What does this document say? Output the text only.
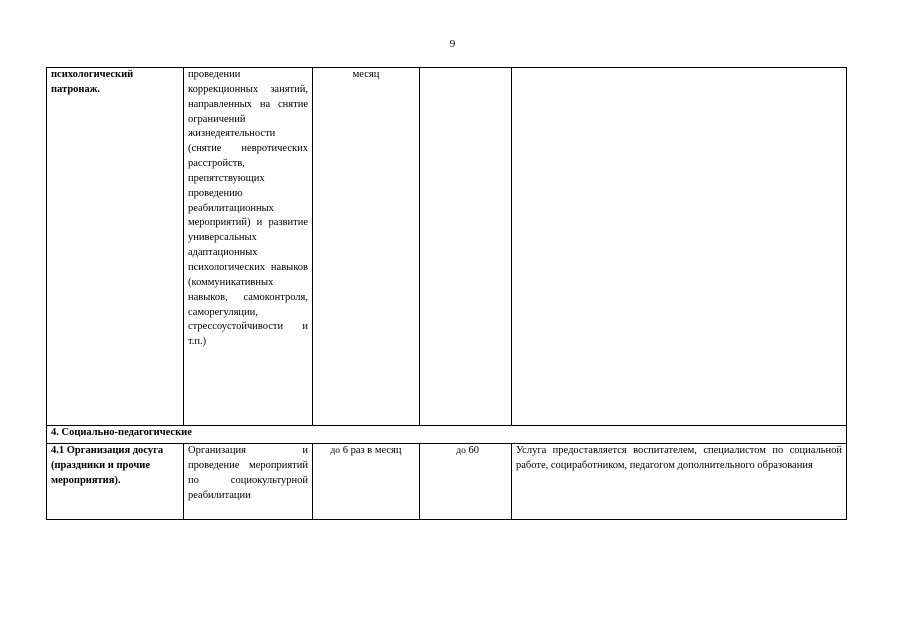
9
психологический патронаж.	проведении коррекционных занятий, направленных на снятие ограничений жизнедеятельности (снятие невротических расстройств, препятствующих проведению реабилитационных мероприятий) и развитие универсальных адаптационных психологических навыков (коммуникативных навыков, самоконтроля, саморегуляции, стрессоустойчивости и т.п.)	месяц		
4. Социально-педагогические				
4.1 Организация досуга (праздники и прочие мероприятия).	Организация и проведение мероприятий по социокультурной реабилитации	до 6 раз в месяц	до 60	Услуга предоставляется воспитателем, специалистом по социальной работе, социработником, педагогом дополнительного образования
